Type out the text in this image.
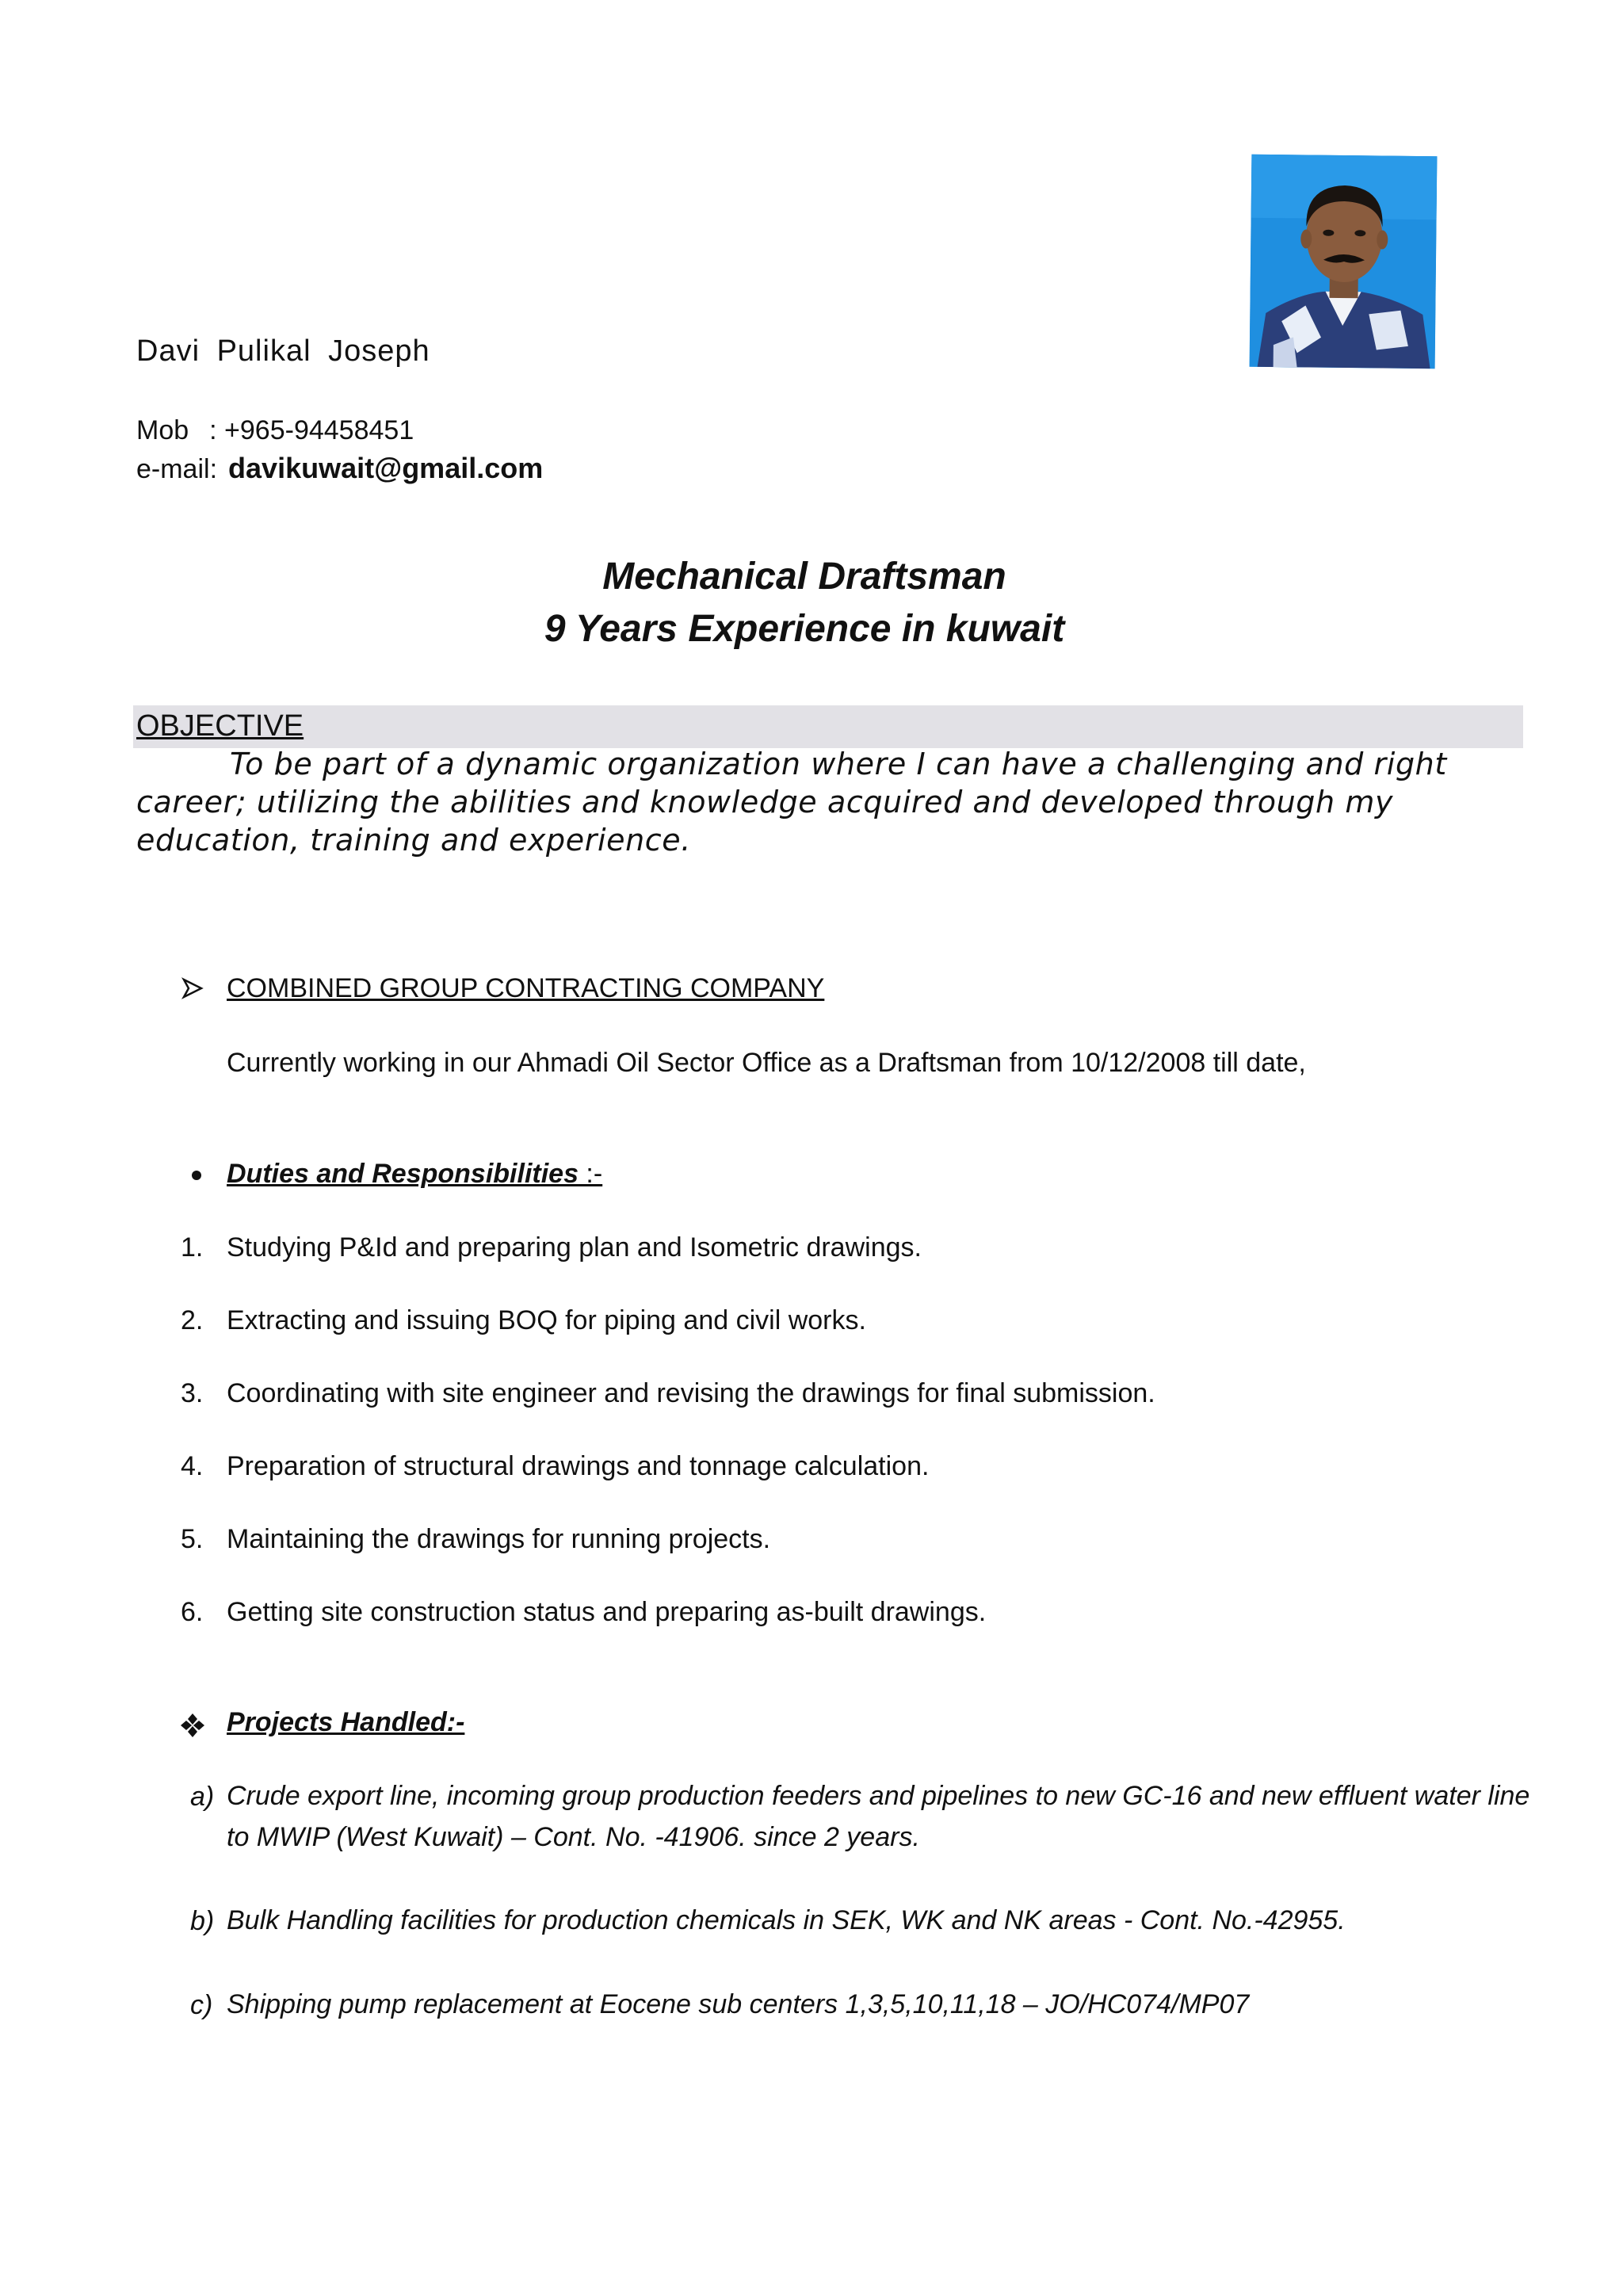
Davi Pulikal Joseph
Mob : +965-94458451
e-mail: davikuwait@gmail.com
Mechanical Draftsman
9 Years Experience in kuwait
OBJECTIVE
To be part of a dynamic organization where I can have a challenging and right career; utilizing the abilities and knowledge acquired and developed through my education, training and experience.
COMBINED GROUP CONTRACTING COMPANY
Currently working in our Ahmadi Oil Sector Office as a Draftsman from 10/12/2008 till date,
Duties and Responsibilities :-
1. Studying P&Id and preparing plan and Isometric drawings.
2. Extracting and issuing BOQ for piping and civil works.
3. Coordinating with site engineer and revising the drawings for final submission.
4. Preparation of structural drawings and tonnage calculation.
5. Maintaining the drawings for running projects.
6. Getting site construction status and preparing as-built drawings.
Projects Handled:-
a) Crude export line, incoming group production feeders and pipelines to new GC-16 and new effluent water line to MWIP (West Kuwait) – Cont. No. -41906. since 2 years.
b) Bulk Handling facilities for production chemicals in SEK, WK and NK areas - Cont. No.-42955.
c) Shipping pump replacement at Eocene sub centers 1,3,5,10,11,18 – JO/HC074/MP07
